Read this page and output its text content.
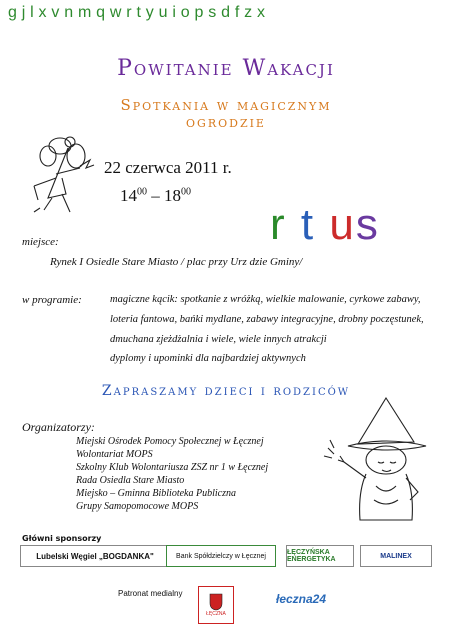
g j l x v n m q w r t y u i o p s d f z x
Powitanie Wakacji
Spotkania w magicznym
ogrodzie
22 czerwca 2011 r.
$14^{00} - 18^{00}$
r t us
miejsce:
Rynek I Osiedle Stare Miasto / plac przy Urz dzie Gminy/
w programie:	magiczne kącik: spotkanie z wróżką, wielkie malowanie, cyrkowe zabawy,
loteria fantowa, bańki mydlane, zabawy integracyjne, drobny poczęstunek,
dmuchana zjeżdżalnia i wiele, wiele innych atrakcji
dyplomy i upominki dla najbardziej aktywnych
Zapraszamy dzieci i rodziców
Organizatorzy:
Miejski Ośrodek Pomocy Społecznej w Łęcznej
Wolontariat MOPS
Szkolny Klub Wolontariusza ZSZ nr 1 w Łęcznej
Rada Osiedla Stare Miasto
Miejsko – Gminna Biblioteka Publiczna
Grupy Samopomocowe MOPS
Główni sponsorzy
Lubelski Węgiel „BOGDANKA"	Bank Spółdzielczy w Łęcznej	ŁĘCZYŃSKA ENERGETYKA	MALINEX
Patronat medialny
ŁĘCZNA
łeczna24
